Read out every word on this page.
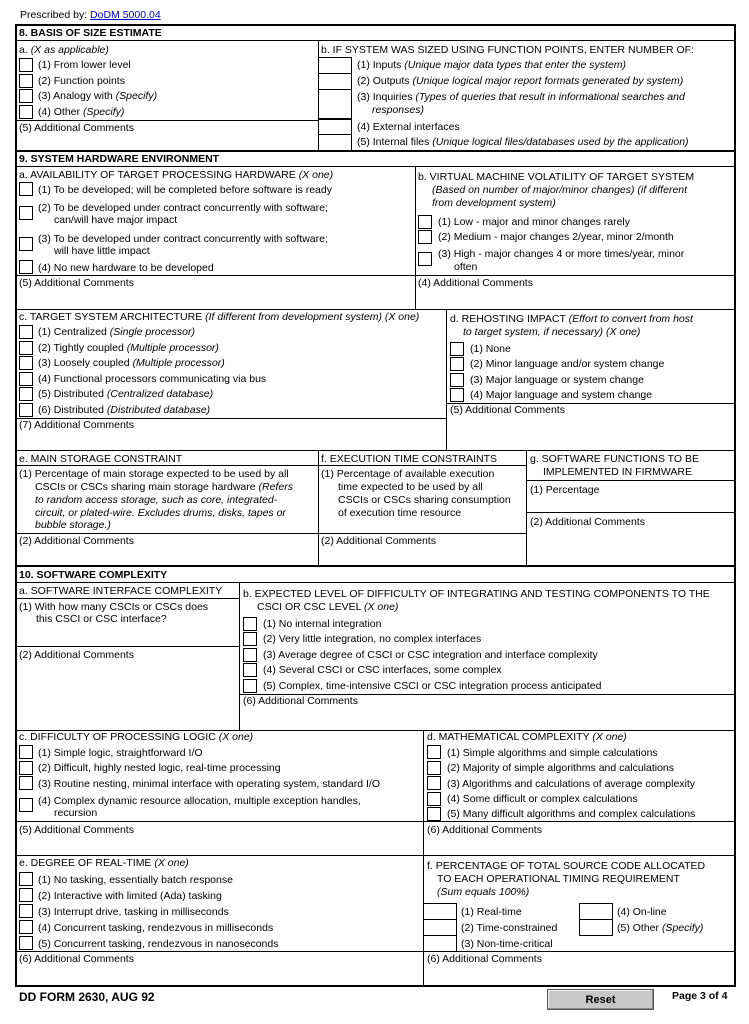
Prescribed by: DoDM 5000.04
8. BASIS OF SIZE ESTIMATE
a. (X as applicable)
(1) From lower level
(2) Function points
(3) Analogy with (Specify)
(4) Other (Specify)
(5) Additional Comments
b. IF SYSTEM WAS SIZED USING FUNCTION POINTS, ENTER NUMBER OF:
(1) Inputs (Unique major data types that enter the system)
(2) Outputs (Unique logical major report formats generated by system)
(3) Inquiries (Types of queries that result in informational searches and
responses)
(4) External interfaces
(5) Internal files (Unique logical files/databases used by the application)
9. SYSTEM HARDWARE ENVIRONMENT
a. AVAILABILITY OF TARGET PROCESSING HARDWARE (X one)
(1) To be developed; will be completed before software is ready
(2) To be developed under contract concurrently with software;
can/will have major impact
(3) To be developed under contract concurrently with software;
will have little impact
(4) No new hardware to be developed
(5) Additional Comments
b. VIRTUAL MACHINE VOLATILITY OF TARGET SYSTEM
(Based on number of major/minor changes) (if different
from development system)
(1) Low - major and minor changes rarely
(2) Medium - major changes 2/year, minor 2/month
(3) High - major changes 4 or more times/year, minor
often
(4) Additional Comments
c. TARGET SYSTEM ARCHITECTURE (If different from development system) (X one)
(1) Centralized (Single processor)
(2) Tightly coupled (Multiple processor)
(3) Loosely coupled (Multiple processor)
(4) Functional processors communicating via bus
(5) Distributed (Centralized database)
(6) Distributed (Distributed database)
(7) Additional Comments
d. REHOSTING IMPACT (Effort to convert from host
to target system, if necessary) (X one)
(1) None
(2) Minor language and/or system change
(3) Major language or system change
(4) Major language and system change
(5) Additional Comments
e. MAIN STORAGE CONSTRAINT
(1) Percentage of main storage expected to be used by all
CSCIs or CSCs sharing main storage hardware (Refers
to random access storage, such as core, integrated-
circuit, or plated-wire. Excludes drums, disks, tapes or
bubble storage.)
(2) Additional Comments
f. EXECUTION TIME CONSTRAINTS
(1) Percentage of available execution
time expected to be used by all
CSCIs or CSCs sharing consumption
of execution time resource
(2) Additional Comments
g. SOFTWARE FUNCTIONS TO BE
IMPLEMENTED IN FIRMWARE
(1) Percentage
(2) Additional Comments
10. SOFTWARE COMPLEXITY
a. SOFTWARE INTERFACE COMPLEXITY
(1) With how many CSCIs or CSCs does
this CSCI or CSC interface?
(2) Additional Comments
b. EXPECTED LEVEL OF DIFFICULTY OF INTEGRATING AND TESTING COMPONENTS TO THE
CSCI OR CSC LEVEL (X one)
(1) No internal integration
(2) Very little integration, no complex interfaces
(3) Average degree of CSCI or CSC integration and interface complexity
(4) Several CSCI or CSC interfaces, some complex
(5) Complex, time-intensive CSCI or CSC integration process anticipated
(6) Additional Comments
c. DIFFICULTY OF PROCESSING LOGIC (X one)
(1) Simple logic, straightforward I/O
(2) Difficult, highly nested logic, real-time processing
(3) Routine nesting, minimal interface with operating system, standard I/O
(4) Complex dynamic resource allocation, multiple exception handles,
recursion
(5) Additional Comments
d. MATHEMATICAL COMPLEXITY (X one)
(1) Simple algorithms and simple calculations
(2) Majority of simple algorithms and calculations
(3) Algorithms and calculations of average complexity
(4) Some difficult or complex calculations
(5) Many difficult algorithms and complex calculations
(6) Additional Comments
e. DEGREE OF REAL-TIME (X one)
(1) No tasking, essentially batch response
(2) Interactive with limited (Ada) tasking
(3) Interrupt drive, tasking in milliseconds
(4) Concurrent tasking, rendezvous in milliseconds
(5) Concurrent tasking, rendezvous in nanoseconds
(6) Additional Comments
f. PERCENTAGE OF TOTAL SOURCE CODE ALLOCATED
TO EACH OPERATIONAL TIMING REQUIREMENT
(Sum equals 100%)
(1) Real-time
(2) Time-constrained
(3) Non-time-critical
(4) On-line
(5) Other (Specify)
(6) Additional Comments
DD FORM 2630, AUG 92	Reset	Page 3 of 4
